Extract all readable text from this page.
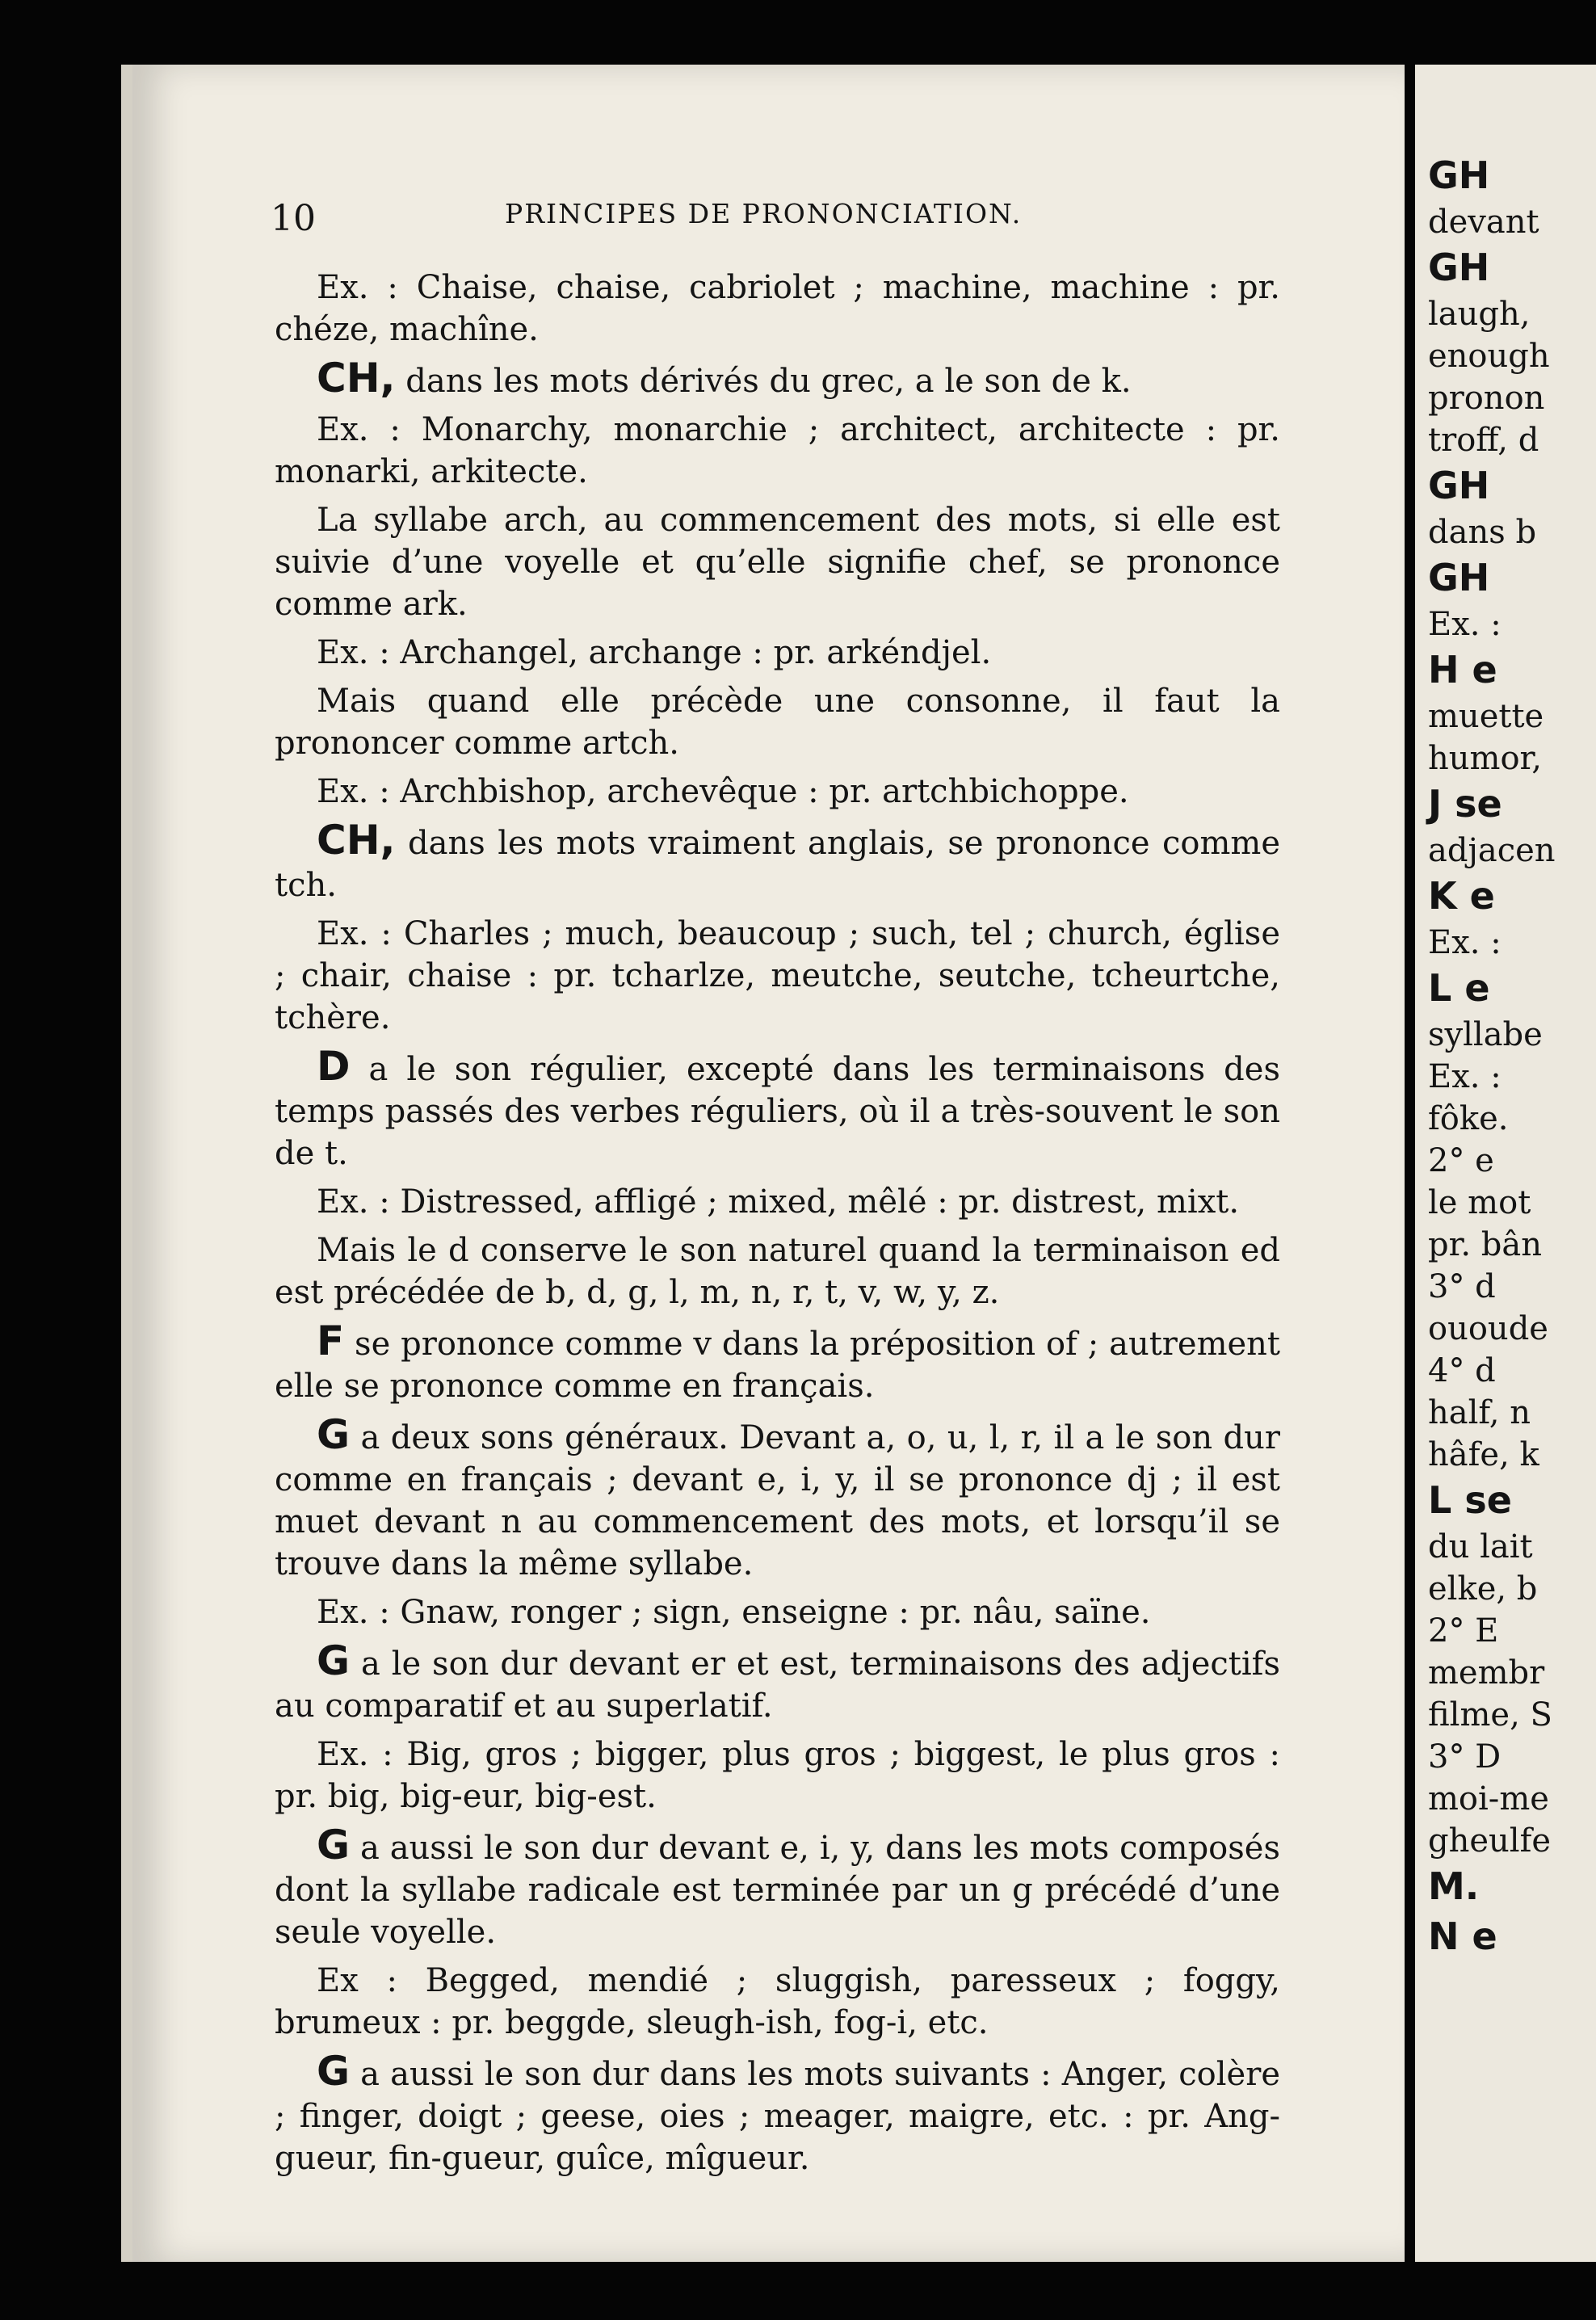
GH
devant
GH
laugh,
enough
pronon
troff, d
GH
dans b
GH
Ex. :
H e
muette
humor,
J se
adjacen
K e
Ex. :
L e
syllabe
Ex. :
fôke.
2° e
le mot
pr. bân
3° d
ououde
4° d
half, n
hâfe, k
L se
du lait
elke, b
2° E
membr
filme, S
3° D
moi-me
gheulfe
M.
N e
10	PRINCIPES DE PRONONCIATION.

Ex. : Chaise, chaise, cabriolet ; machine, machine : pr. chéze, machîne.

CH, dans les mots dérivés du grec, a le son de k.

Ex. : Monarchy, monarchie ; architect, architecte : pr. monarki, arkitecte.

La syllabe arch, au commencement des mots, si elle est suivie d’une voyelle et qu’elle signifie chef, se prononce comme ark.

Ex. : Archangel, archange : pr. arkéndjel.

Mais quand elle précède une consonne, il faut la prononcer comme artch.

Ex. : Archbishop, archevêque : pr. artchbichoppe.

CH, dans les mots vraiment anglais, se prononce comme tch.

Ex. : Charles ; much, beaucoup ; such, tel ; church, église ; chair, chaise : pr. tcharlze, meutche, seutche, tcheurtche, tchère.

D a le son régulier, excepté dans les terminaisons des temps passés des verbes réguliers, où il a très-souvent le son de t.

Ex. : Distressed, affligé ; mixed, mêlé : pr. distrest, mixt.

Mais le d conserve le son naturel quand la terminaison ed est précédée de b, d, g, l, m, n, r, t, v, w, y, z.

F se prononce comme v dans la préposition of ; autrement elle se prononce comme en français.

G a deux sons généraux. Devant a, o, u, l, r, il a le son dur comme en français ; devant e, i, y, il se prononce dj ; il est muet devant n au commencement des mots, et lorsqu’il se trouve dans la même syllabe.

Ex. : Gnaw, ronger ; sign, enseigne : pr. nâu, saïne.

G a le son dur devant er et est, terminaisons des adjectifs au comparatif et au superlatif.

Ex. : Big, gros ; bigger, plus gros ; biggest, le plus gros : pr. big, big-eur, big-est.

G a aussi le son dur devant e, i, y, dans les mots composés dont la syllabe radicale est terminée par un g précédé d’une seule voyelle.

Ex : Begged, mendié ; sluggish, paresseux ; foggy, brumeux : pr. beggde, sleugh-ish, fog-i, etc.

G a aussi le son dur dans les mots suivants : Anger, colère ; finger, doigt ; geese, oies ; meager, maigre, etc. : pr. Ang-gueur, fin-gueur, guîce, mîgueur.
